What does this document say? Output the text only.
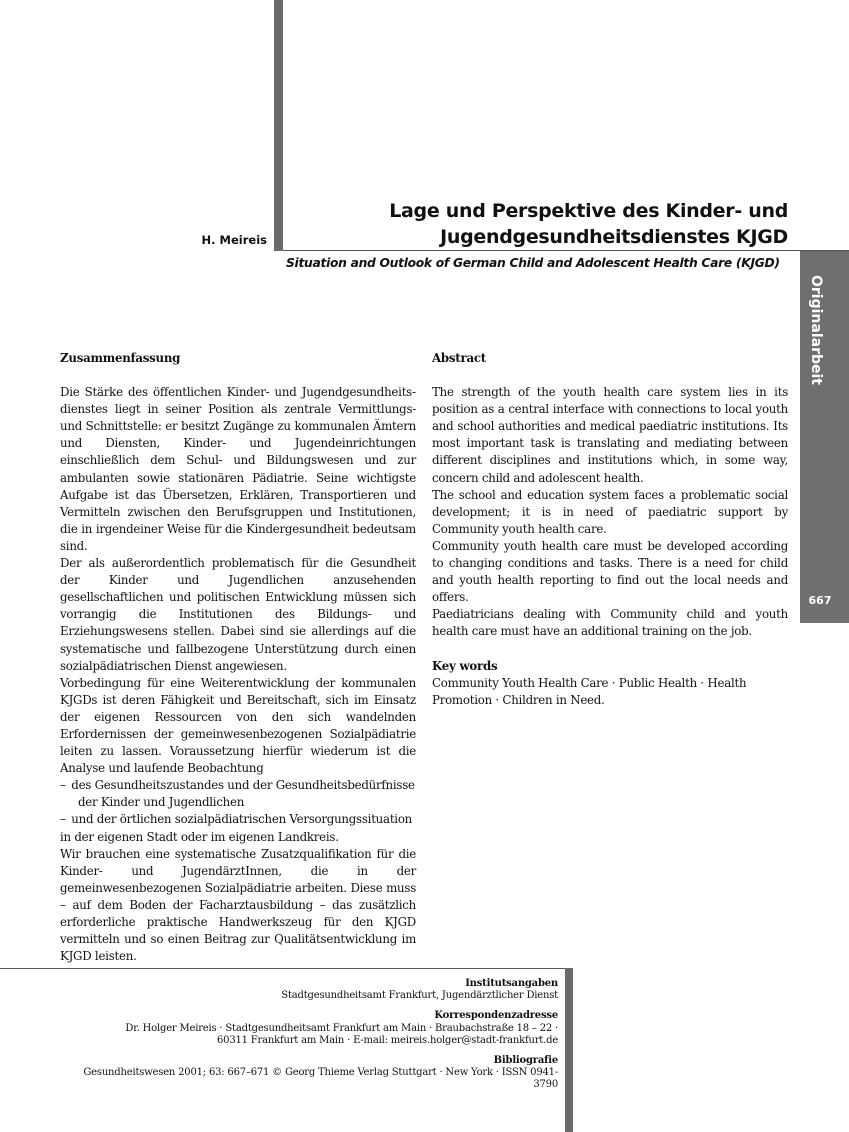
Originalarbeit
667
H. Meireis
Lage und Perspektive des Kinder- und
Jugendgesundheitsdienstes KJGD
Situation and Outlook of German Child and Adolescent Health Care (KJGD)

Zusammenfassung

Die Stärke des öffentlichen Kinder- und Jugendgesundheitsdienstes liegt in seiner Position als zentrale Vermittlungs- und Schnittstelle: er besitzt Zugänge zu kommunalen Ämtern und Diensten, Kinder- und Jugendeinrichtungen einschließlich dem Schul- und Bildungswesen und zur ambulanten sowie stationären Pädiatrie. Seine wichtigste Aufgabe ist das Übersetzen, Erklären, Transportieren und Vermitteln zwischen den Berufsgruppen und Institutionen, die in irgendeiner Weise für die Kindergesundheit bedeutsam sind.

Der als außerordentlich problematisch für die Gesundheit der Kinder und Jugendlichen anzusehenden gesellschaftlichen und politischen Entwicklung müssen sich vorrangig die Institutionen des Bildungs- und Erziehungswesens stellen. Dabei sind sie allerdings auf die systematische und fallbezogene Unterstützung durch einen sozialpädiatrischen Dienst angewiesen.

Vorbedingung für eine Weiterentwicklung der kommunalen KJGDs ist deren Fähigkeit und Bereitschaft, sich im Einsatz der eigenen Ressourcen von den sich wandelnden Erfordernissen der gemeinwesenbezogenen Sozialpädiatrie leiten zu lassen. Voraussetzung hierfür wiederum ist die Analyse und laufende Beobachtung

– des Gesundheitszustandes und der Gesundheitsbedürfnisse der Kinder und Jugendlichen

– und der örtlichen sozialpädiatrischen Versorgungssituation

in der eigenen Stadt oder im eigenen Landkreis.

Wir brauchen eine systematische Zusatzqualifikation für die Kinder- und JugendärztInnen, die in der gemeinwesenbezogenen Sozialpädiatrie arbeiten. Diese muss – auf dem Boden der Facharztausbildung – das zusätzlich erforderliche praktische Handwerkszeug für den KJGD vermitteln und so einen Beitrag zur Qualitätsentwicklung im KJGD leisten.

Abstract

The strength of the youth health care system lies in its position as a central interface with connections to local youth and school authorities and medical paediatric institutions. Its most important task is translating and mediating between different disciplines and institutions which, in some way, concern child and adolescent health.

The school and education system faces a problematic social development; it is in need of paediatric support by Community youth health care.

Community youth health care must be developed according to changing conditions and tasks. There is a need for child and youth health reporting to find out the local needs and offers.

Paediatricians dealing with Community child and youth health care must have an additional training on the job.

Key words

Community Youth Health Care · Public Health · Health Promotion · Children in Need.

Institutsangaben

Stadtgesundheitsamt Frankfurt, Jugendärztlicher Dienst

Korrespondenzadresse

Dr. Holger Meireis · Stadtgesundheitsamt Frankfurt am Main · Braubachstraße 18 – 22 ·

60311 Frankfurt am Main · E-mail: meireis.holger@stadt-frankfurt.de

Bibliografie

Gesundheitswesen 2001; 63: 667–671 © Georg Thieme Verlag Stuttgart · New York · ISSN 0941-3790
